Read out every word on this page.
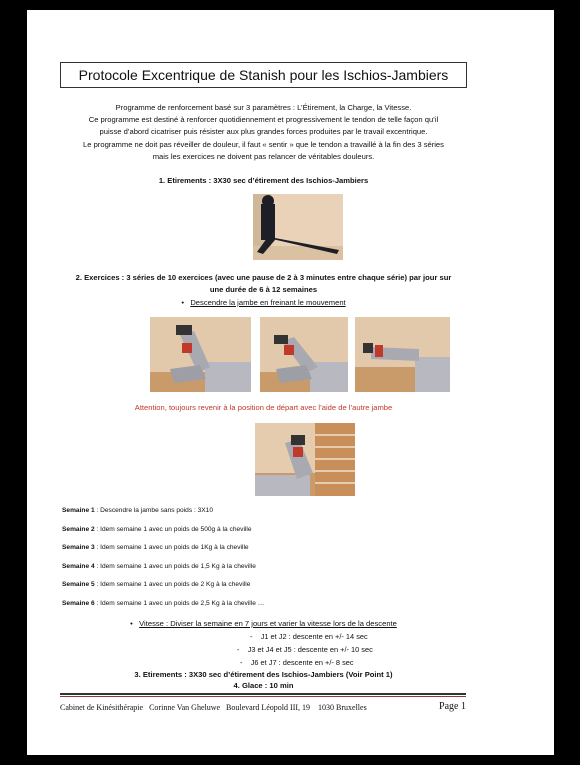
Protocole Excentrique de Stanish pour les Ischios-Jambiers
Programme de renforcement basé sur 3 paramètres : L’Étirement, la Charge, la Vitesse.
Ce programme est destiné à renforcer quotidiennement et progressivement le tendon de telle façon qu’il
puisse d’abord cicatriser puis résister aux plus grandes forces produites par le travail excentrique.
Le programme ne doit pas réveiller de douleur, il faut « sentir » que le tendon a travaillé à la fin des 3 séries
mais les exercices ne doivent pas relancer de véritables douleurs.
1. Etirements : 3X30 sec d’étirement des Ischios-Jambiers
2. Exercices : 3 séries de 10 exercices (avec une pause de 2 à 3 minutes entre chaque série) par jour sur
une durée de 6 à 12 semaines
• Descendre la jambe en freinant le mouvement
Attention, toujours revenir à la position de départ avec l’aide de l’autre jambe
Semaine 1 : Descendre la jambe sans poids : 3X10
Semaine 2 : Idem semaine 1 avec un poids de 500g à la cheville
Semaine 3 : Idem semaine 1 avec un poids de 1Kg à la cheville
Semaine 4 : Idem semaine 1 avec un poids de 1,5 Kg à la cheville
Semaine 5 : Idem semaine 1 avec un poids de 2 Kg à la cheville
Semaine 6 : Idem semaine 1 avec un poids de 2,5 Kg à la cheville …
• Vitesse : Diviser la semaine en 7 jours et varier la vitesse lors de la descente
- J1 et J2 : descente en +/- 14 sec
- J3 et J4 et J5 : descente en +/- 10 sec
- J6 et J7 : descente en +/- 8 sec
3. Etirements : 3X30 sec d’étirement des Ischios-Jambiers (Voir Point 1)
4. Glace : 10 min
Cabinet de Kinésithérapie Corinne Van Gheluwe Boulevard Léopold III, 19 1030 Bruxelles	Page 1
